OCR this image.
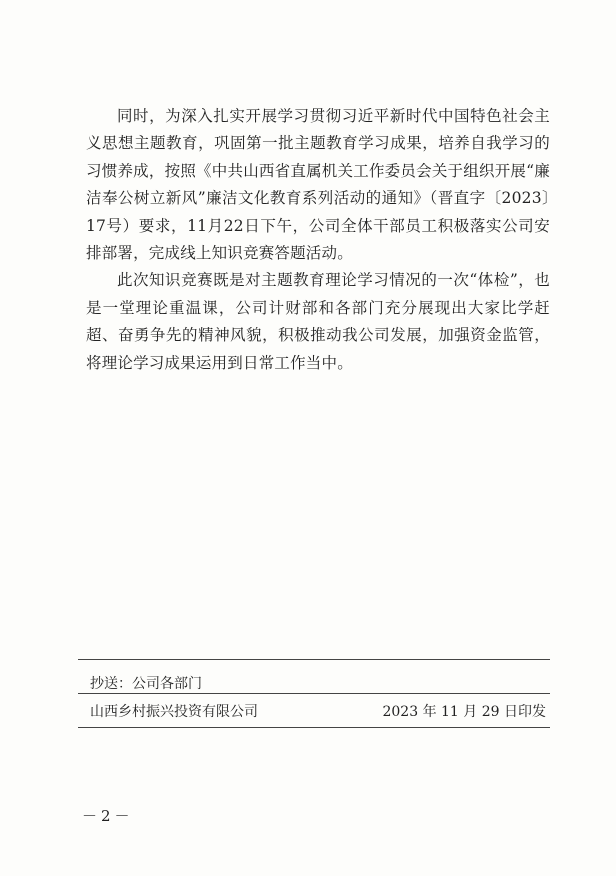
同时，为深入扎实开展学习贯彻习近平新时代中国特色社会主义思想主题教育，巩固第一批主题教育学习成果，培养自我学习的习惯养成，按照《中共山西省直属机关工作委员会关于组织开展“廉洁奉公树立新风”廉洁文化教育系列活动的通知》（晋直字〔2023〕17号）要求，11月22日下午，公司全体干部员工积极落实公司安排部署，完成线上知识竞赛答题活动。

此次知识竞赛既是对主题教育理论学习情况的一次“体检”，也是一堂理论重温课，公司计财部和各部门充分展现出大家比学赶超、奋勇争先的精神风貌，积极推动我公司发展，加强资金监管，将理论学习成果运用到日常工作当中。

抄送：公司各部门
山西乡村振兴投资有限公司	2023 年 11 月 29 日印发
－2－
